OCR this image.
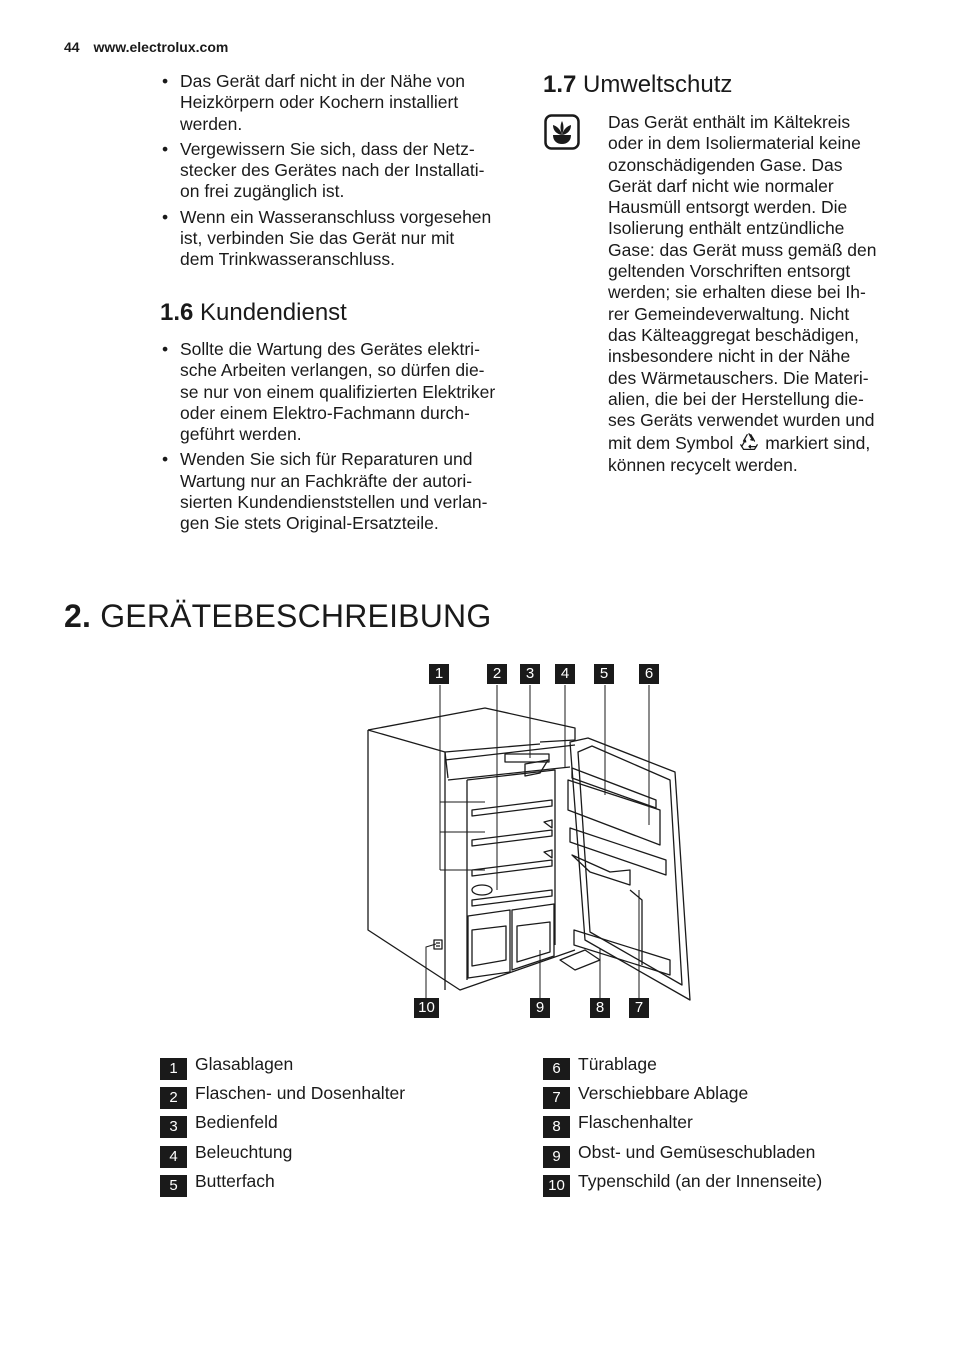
44 www.electrolux.com
• Das Gerät darf nicht in der Nähe von
Heizkörpern oder Kochern installiert
werden.
• Vergewissern Sie sich, dass der Netz-
stecker des Gerätes nach der Installati-
on frei zugänglich ist.
• Wenn ein Wasseranschluss vorgesehen
ist, verbinden Sie das Gerät nur mit
dem Trinkwasseranschluss.
1.6 Kundendienst
• Sollte die Wartung des Gerätes elektri-
sche Arbeiten verlangen, so dürfen die-
se nur von einem qualifizierten Elektriker
oder einem Elektro-Fachmann durch-
geführt werden.
• Wenden Sie sich für Reparaturen und
Wartung nur an Fachkräfte der autori-
sierten Kundendienststellen und verlan-
gen Sie stets Original-Ersatzteile.
1.7 Umweltschutz
Das Gerät enthält im Kältekreis
oder in dem Isoliermaterial keine
ozonschädigenden Gase. Das
Gerät darf nicht wie normaler
Hausmüll entsorgt werden. Die
Isolierung enthält entzündliche
Gase: das Gerät muss gemäß den
geltenden Vorschriften entsorgt
werden; sie erhalten diese bei Ih-
rer Gemeindeverwaltung. Nicht
das Kälteaggregat beschädigen,
insbesondere nicht in der Nähe
des Wärmetauschers. Die Materi-
alien, die bei der Herstellung die-
ses Geräts verwendet wurden und
mit dem Symbol markiert sind,
können recycelt werden.
2. GERÄTEBESCHREIBUNG
1	2	3	4	5	6
10	9	8	7
1 Glasablagen
2 Flaschen- und Dosenhalter
3 Bedienfeld
4 Beleuchtung
5 Butterfach
6 Türablage
7 Verschiebbare Ablage
8 Flaschenhalter
9 Obst- und Gemüseschubladen
10 Typenschild (an der Innenseite)
